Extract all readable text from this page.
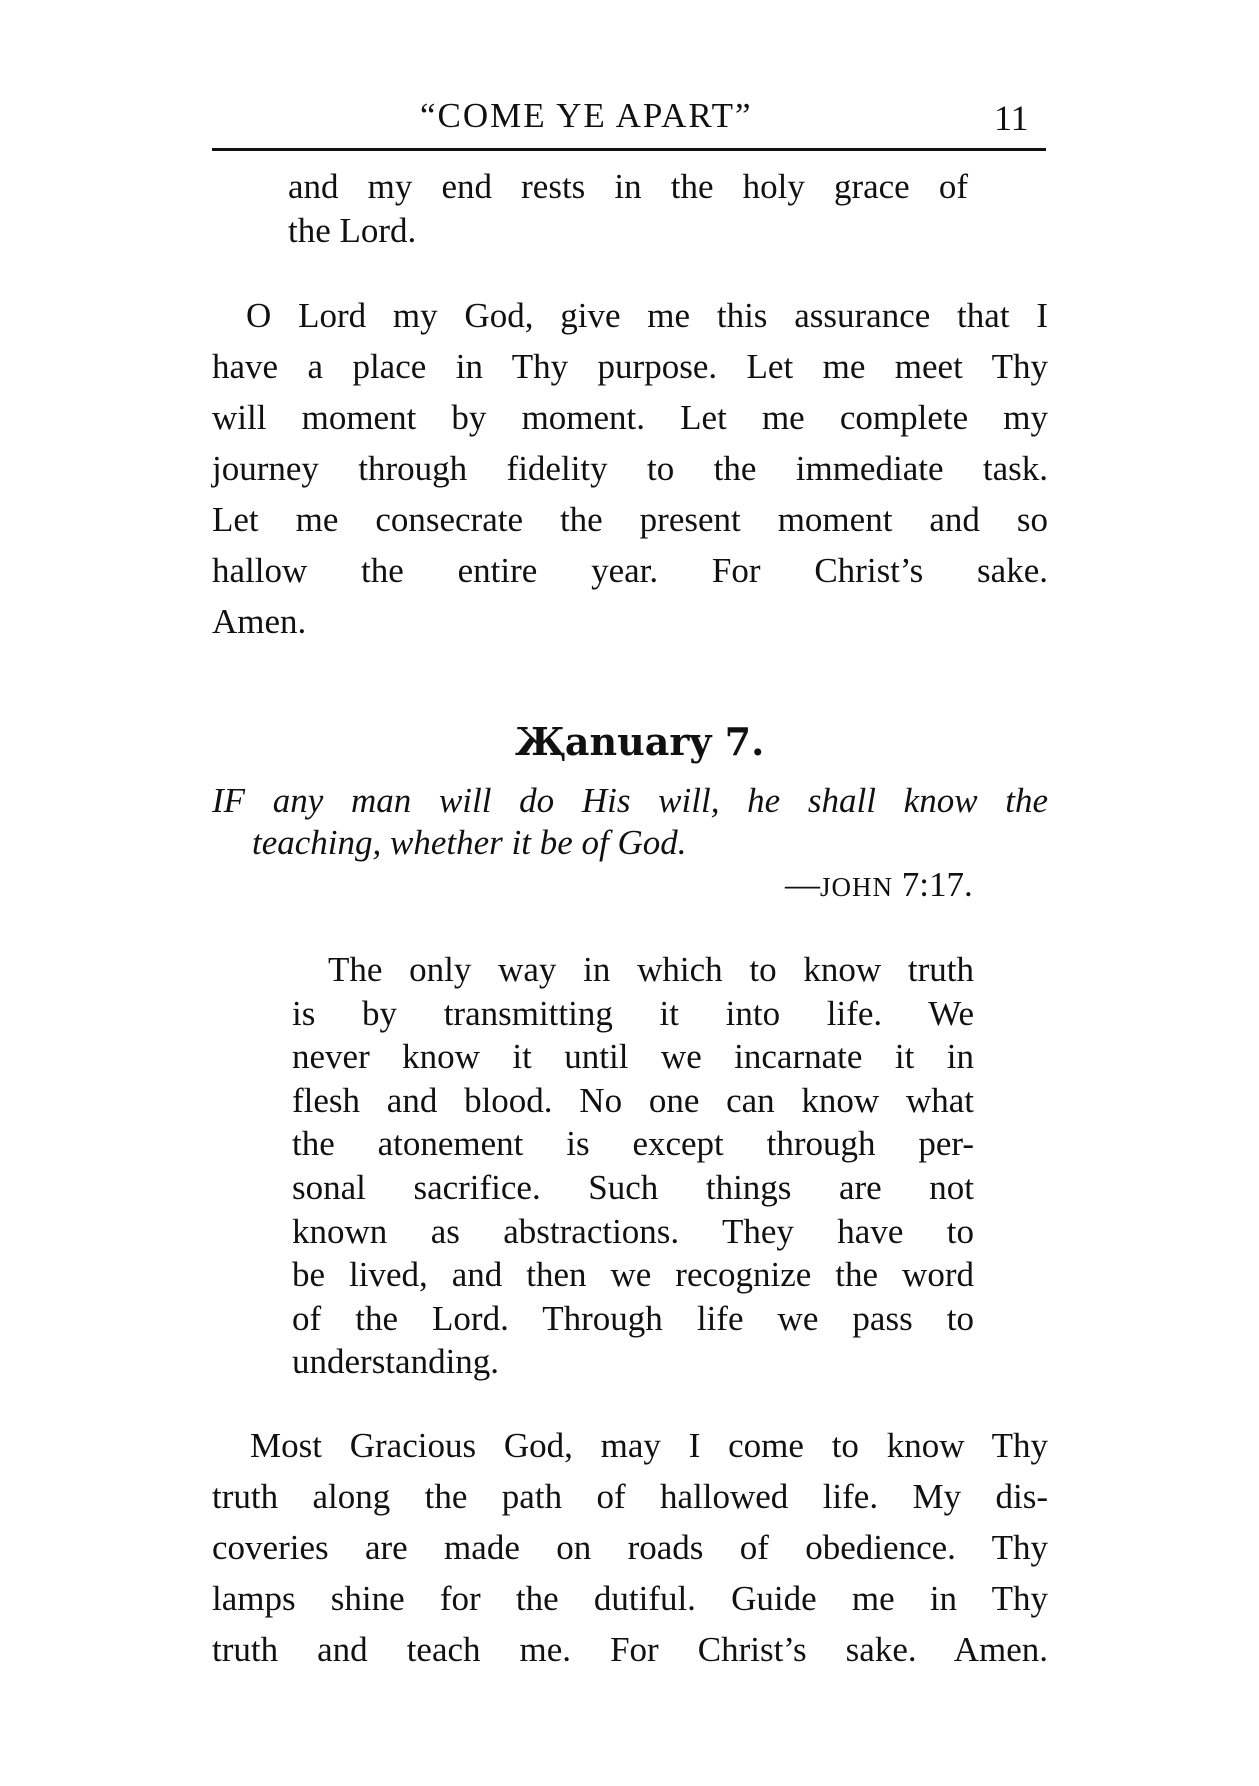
“COME YE APART”	11
and my end rests in the holy grace of
the Lord.
O Lord my God, give me this assurance that I
have a place in Thy purpose. Let me meet Thy
will moment by moment. Let me complete my
journey through fidelity to the immediate task.
Let me consecrate the present moment and so
hallow the entire year. For Christ’s sake.
Amen.
Җanuary 7.
IF any man will do His will, he shall know the
teaching, whether it be of God.
—JOHN 7:17.
The only way in which to know truth
is by transmitting it into life. We
never know it until we incarnate it in
flesh and blood. No one can know what
the atonement is except through per-
sonal sacrifice. Such things are not
known as abstractions. They have to
be lived, and then we recognize the word
of the Lord. Through life we pass to
understanding.
Most Gracious God, may I come to know Thy
truth along the path of hallowed life. My dis-
coveries are made on roads of obedience. Thy
lamps shine for the dutiful. Guide me in Thy
truth and teach me. For Christ’s sake. Amen.
